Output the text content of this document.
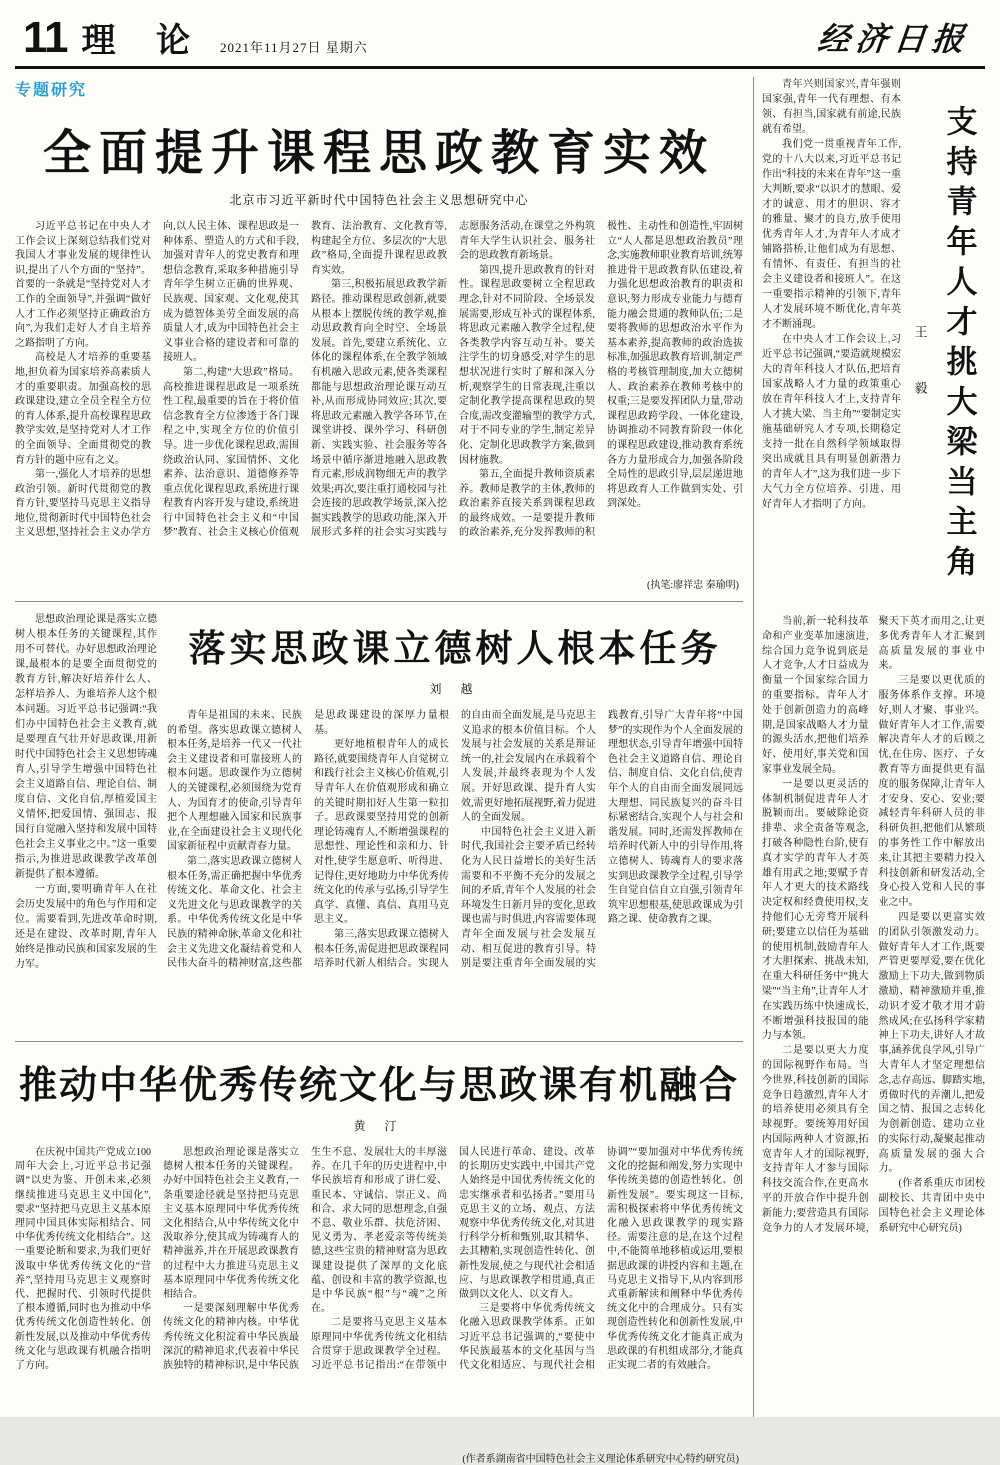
11 理 论 2021年11月27日 星期六	经济日报
专题研究
全面提升课程思政教育实效
北京市习近平新时代中国特色社会主义思想研究中心

习近平总书记在中央人才工作会议上深刻总结我们党对我国人才事业发展的规律性认识,提出了八个方面的“坚持”。首要的一条就是“坚持党对人才工作的全面领导”,并强调“做好人才工作必须坚持正确政治方向”,为我们走好人才自主培养之路指明了方向。

高校是人才培养的重要基地,担负着为国家培养高素质人才的重要职责。加强高校的思政课建设,建立全员全程全方位的育人体系,提升高校课程思政教学实效,是坚持党对人才工作的全面领导、全面贯彻党的教育方针的题中应有之义。

第一,强化人才培养的思想政治引领。新时代贯彻党的教育方针,要坚持马克思主义指导地位,贯彻新时代中国特色社会主义思想,坚持社会主义办学方向,以人民主体、课程思政是一种体系、塑造人的方式和手段,加强对青年人的党史教育和理想信念教育,采取多种措施引导青年学生树立正确的世界观、民族观、国家观、文化观,使其成为德智体美劳全面发展的高质量人才,成为中国特色社会主义事业合格的建设者和可靠的接班人。

第二,构建“大思政”格局。高校推进课程思政是一项系统性工程,最重要的旨在于将价值信念教育全方位渗透于各门课程之中,实现全方位的价值引导。进一步优化课程思政,需围绕政治认同、家国情怀、文化素养、法治意识、道德修养等重点优化课程思政,系统进行课程教育内容开发与建设,系统进行中国特色社会主义和“中国梦”教育、社会主义核心价值观教育、法治教育、文化教育等,构建起全方位、多层次的“大思政”格局,全面提升课程思政教育实效。

第三,积极拓展思政教学新路径。推动课程思政创新,就要从根本上摆脱传统的教学观,推动思政教育向全时空、全场景发展。首先,要建立系统化、立体化的课程体系,在全教学领域有机融入思政元素,使各类课程都能与思想政治理论课互动互补,从而形成协同效应;其次,要将思政元素融入教学各环节,在课堂讲授、课外学习、科研创新、实践实验、社会服务等各场景中循序渐进地融入思政教育元素,形成润物细无声的教学效果;再次,要注重打通校园与社会连接的思政教学场景,深入挖掘实践教学的思政功能,深入开展形式多样的社会实习实践与志愿服务活动,在课堂之外构筑青年大学生认识社会、服务社会的思政教育新场景。

第四,提升思政教育的针对性。课程思政要树立全程思政理念,针对不同阶段、全场景发展需要,形成互补式的课程体系,将思政元素融入教学全过程,使各类教学内容互动互补。要关注学生的切身感受,对学生的思想状况进行实时了解和深入分析,观察学生的日常表现,注重以定制化教学提高课程思政的契合度,需改变灌输型的教学方式,对于不同专业的学生,制定差异化、定制化思政教学方案,做到因材施教。

第五,全面提升教师资质素养。教师是教学的主体,教师的政治素养直接关系到课程思政的最终成效。一是要提升教师的政治素养,充分发挥教师的积极性、主动性和创造性,牢固树立“人人都是思想政治教员”理念,实施教师职业教育培训,统筹推进骨干思政教育队伍建设,着力强化思想政治教育的职责和意识,努力形成专业能力与德育能力融会贯通的教师队伍;二是要将教师的思想政治水平作为基本素养,提高教师的政治选拔标准,加强思政教育培训,制定严格的考核管理制度,加大立德树人、政治素养在教师考核中的权重;三是要发挥团队力量,带动课程思政跨学段、一体化建设,协调推动不同教育阶段一体化的课程思政建设,推动教育系统各方力量形成合力,加强各阶段全局性的思政引导,层层递进地将思政育人工作做到实处、引到深处。

(执笔:廖祥忠 秦瑜明)

思想政治理论课是落实立德树人根本任务的关键课程,其作用不可替代。办好思想政治理论课,最根本的是要全面贯彻党的教育方针,解决好培养什么人、怎样培养人、为谁培养人这个根本问题。习近平总书记强调:“我们办中国特色社会主义教育,就是要理直气壮开好思政课,用新时代中国特色社会主义思想铸魂育人,引导学生增强中国特色社会主义道路自信、理论自信、制度自信、文化自信,厚植爱国主义情怀,把爱国情、强国志、报国行自觉融入坚持和发展中国特色社会主义事业之中。”这一重要指示,为推进思政课教学改革创新提供了根本遵循。

一方面,要明确青年人在社会历史发展中的角色与作用和定位。需要看到,先进改革命时期,还是在建设、改革时期,青年人始终是推动民族和国家发展的生力军。

落实思政课立德树人根本任务
刘 越

青年是祖国的未来、民族的希望。落实思政课立德树人根本任务,是培养一代又一代社会主义建设者和可靠接班人的根本问题。思政课作为立德树人的关键课程,必须围绕为党育人、为国育才的使命,引导青年把个人理想融入国家和民族事业,在全面建设社会主义现代化国家新征程中贡献青春力量。

第二,落实思政课立德树人根本任务,需正确把握中华优秀传统文化、革命文化、社会主义先进文化与思政课教学的关系。中华优秀传统文化是中华民族的精神命脉,革命文化和社会主义先进文化凝结着党和人民伟大奋斗的精神财富,这些都是思政课建设的深厚力量根基。

更好地植根青年人的成长路径,就要围绕青年人自觉树立和践行社会主义核心价值观,引导青年人在价值观形成和确立的关键时期扣好人生第一粒扣子。思政课要坚持用党的创新理论铸魂育人,不断增强课程的思想性、理论性和亲和力、针对性,使学生愿意听、听得进、记得住,更好地助力中华优秀传统文化的传承与弘扬,引导学生真学、真懂、真信、真用马克思主义。

第三,落实思政课立德树人根本任务,需促进把思政课程同培养时代新人相结合。实现人的自由而全面发展,是马克思主义追求的根本价值目标。个人发展与社会发展的关系是辩证统一的,社会发展内在承载着个人发展,并最终表现为个人发展。开好思政课、提升育人实效,需更好地拓展视野,着力促进人的全面发展。

中国特色社会主义进入新时代,我国社会主要矛盾已经转化为人民日益增长的美好生活需要和不平衡不充分的发展之间的矛盾,青年个人发展的社会环境发生日新月异的变化,思政课也需与时俱进,内容需要体现青年全面发展与社会发展互动、相互促进的教育引导。特别是要注重青年全面发展的实践教育,引导广大青年将“中国梦”的实现作为个人全面发展的理想状态,引导青年增强中国特色社会主义道路自信、理论自信、制度自信、文化自信,使青年个人的自由而全面发展同远大理想、同民族复兴的奋斗目标紧密结合,实现个人与社会和谐发展。同时,还需发挥教师在培养时代新人中的引导作用,将立德树人、铸魂育人的要求落实到思政课教学全过程,引导学生自觉自信自立自强,引领青年筑牢思想根基,使思政课成为引路之课、使命教育之课。

推动中华优秀传统文化与思政课有机融合
黄 汀

在庆祝中国共产党成立100周年大会上,习近平总书记强调“以史为鉴、开创未来,必须继续推进马克思主义中国化”,要求“坚持把马克思主义基本原理同中国具体实际相结合、同中华优秀传统文化相结合”。这一重要论断和要求,为我们更好汲取中华优秀传统文化的“营养”,坚持用马克思主义观察时代、把握时代、引领时代提供了根本遵循,同时也为推动中华优秀传统文化创造性转化、创新性发展,以及推动中华优秀传统文化与思政课有机融合指明了方向。

思想政治理论课是落实立德树人根本任务的关键课程。办好中国特色社会主义教育,一条重要途径就是坚持把马克思主义基本原理同中华优秀传统文化相结合,从中华传统文化中汲取养分,使其成为铸魂育人的精神滋养,并在开展思政课教育的过程中大力推进马克思主义基本原理同中华优秀传统文化相结合。

一是要深刻理解中华优秀传统文化的精神内核。中华优秀传统文化积淀着中华民族最深沉的精神追求,代表着中华民族独特的精神标识,是中华民族生生不息、发展壮大的丰厚滋养。在几千年的历史进程中,中华民族培育和形成了讲仁爱、重民本、守诚信、崇正义、尚和合、求大同的思想理念,自强不息、敬业乐群、扶危济困、见义勇为、孝老爱亲等传统美德,这些宝贵的精神财富为思政课建设提供了深厚的文化底蕴、创设和丰富的教学资源,也是中华民族“根”与“魂”之所在。

二是要将马克思主义基本原理同中华优秀传统文化相结合贯穿于思政课教学全过程。习近平总书记指出:“在带领中国人民进行革命、建设、改革的长期历史实践中,中国共产党人始终是中国优秀传统文化的忠实继承者和弘扬者。”要用马克思主义的立场、观点、方法观察中华优秀传统文化,对其进行科学分析和甄别,取其精华、去其糟粕,实现创造性转化、创新性发展,使之与现代社会相适应、与思政课教学相贯通,真正做到以文化人、以文育人。

三是要将中华优秀传统文化融入思政课教学体系。正如习近平总书记强调的,“要使中华民族最基本的文化基因与当代文化相适应、与现代社会相协调”“要加强对中华优秀传统文化的挖掘和阐发,努力实现中华传统美德的创造性转化、创新性发展”。要实现这一目标,需积极探索将中华优秀传统文化融入思政课教学的现实路径。需要注意的是,在这个过程中,不能简单地移植或运用,要根据思政课的讲授内容和主题,在马克思主义指导下,从内容到形式重新解读和阐释中华优秀传统文化中的合理成分。只有实现创造性转化和创新性发展,中华优秀传统文化才能真正成为思政课的有机组成部分,才能真正实现二者的有效融合。

(作者系湖南省中国特色社会主义理论体系研究中心特约研究员)

青年兴则国家兴,青年强则国家强,青年一代有理想、有本领、有担当,国家就有前途,民族就有希望。

我们党一贯重视青年工作,党的十八大以来,习近平总书记作出“科技的未来在青年”这一重大判断,要求“以识才的慧眼、爱才的诚意、用才的胆识、容才的雅量、聚才的良方,放手使用优秀青年人才,为青年人才成才铺路搭桥,让他们成为有思想、有情怀、有责任、有担当的社会主义建设者和接班人”。在这一重要指示精神的引领下,青年人才发展环境不断优化,青年英才不断涌现。

在中央人才工作会议上,习近平总书记强调,“要造就规模宏大的青年科技人才队伍,把培育国家战略人才力量的政策重心放在青年科技人才上,支持青年人才挑大梁、当主角”“要制定实施基础研究人才专项,长期稳定支持一批在自然科学领域取得突出成就且具有明显创新潜力的青年人才”,这为我们进一步下大气力全方位培养、引进、用好青年人才指明了方向。

王 毅 支持青年人才挑大梁当主角

当前,新一轮科技革命和产业变革加速演进,综合国力竞争说到底是人才竞争,人才日益成为衡量一个国家综合国力的重要指标。青年人才处于创新创造力的高峰期,是国家战略人才力量的源头活水,把他们培养好、使用好,事关党和国家事业发展全局。

一是要以更灵活的体制机制促进青年人才脱颖而出。要破除论资排辈、求全责备等观念,打破各种隐性台阶,使有真才实学的青年人才英雄有用武之地;要赋予青年人才更大的技术路线决定权和经费使用权,支持他们心无旁骛开展科研;要建立以信任为基础的使用机制,鼓励青年人才大胆探索、挑战未知,在重大科研任务中“挑大梁”“当主角”,让青年人才在实践历练中快速成长,不断增强科技报国的能力与本领。

二是要以更大力度的国际视野作布局。当今世界,科技创新的国际竞争日趋激烈,青年人才的培养使用必须具有全球视野。要统筹用好国内国际两种人才资源,拓宽青年人才的国际视野,支持青年人才参与国际科技交流合作,在更高水平的开放合作中提升创新能力;要营造具有国际竞争力的人才发展环境,聚天下英才而用之,让更多优秀青年人才汇聚到高质量发展的事业中来。

三是要以更优质的服务体系作支撑。环境好,则人才聚、事业兴。做好青年人才工作,需要解决青年人才的后顾之忧,在住房、医疗、子女教育等方面提供更有温度的服务保障,让青年人才安身、安心、安业;要减轻青年科研人员的非科研负担,把他们从繁琐的事务性工作中解放出来,让其把主要精力投入科技创新和研发活动,全身心投入党和人民的事业之中。

四是要以更富实效的团队引领激发动力。做好青年人才工作,既要严管更要厚爱,要在优化激励上下功夫,做到物质激励、精神激励并重,推动识才爱才敬才用才蔚然成风;在弘扬科学家精神上下功夫,讲好人才故事,涵养优良学风,引导广大青年人才坚定理想信念,志存高远、脚踏实地,勇做时代的弄潮儿,把爱国之情、报国之志转化为创新创造、建功立业的实际行动,凝聚起推动高质量发展的强大合力。

(作者系重庆市团校副校长、共青团中央中国特色社会主义理论体系研究中心研究员)
